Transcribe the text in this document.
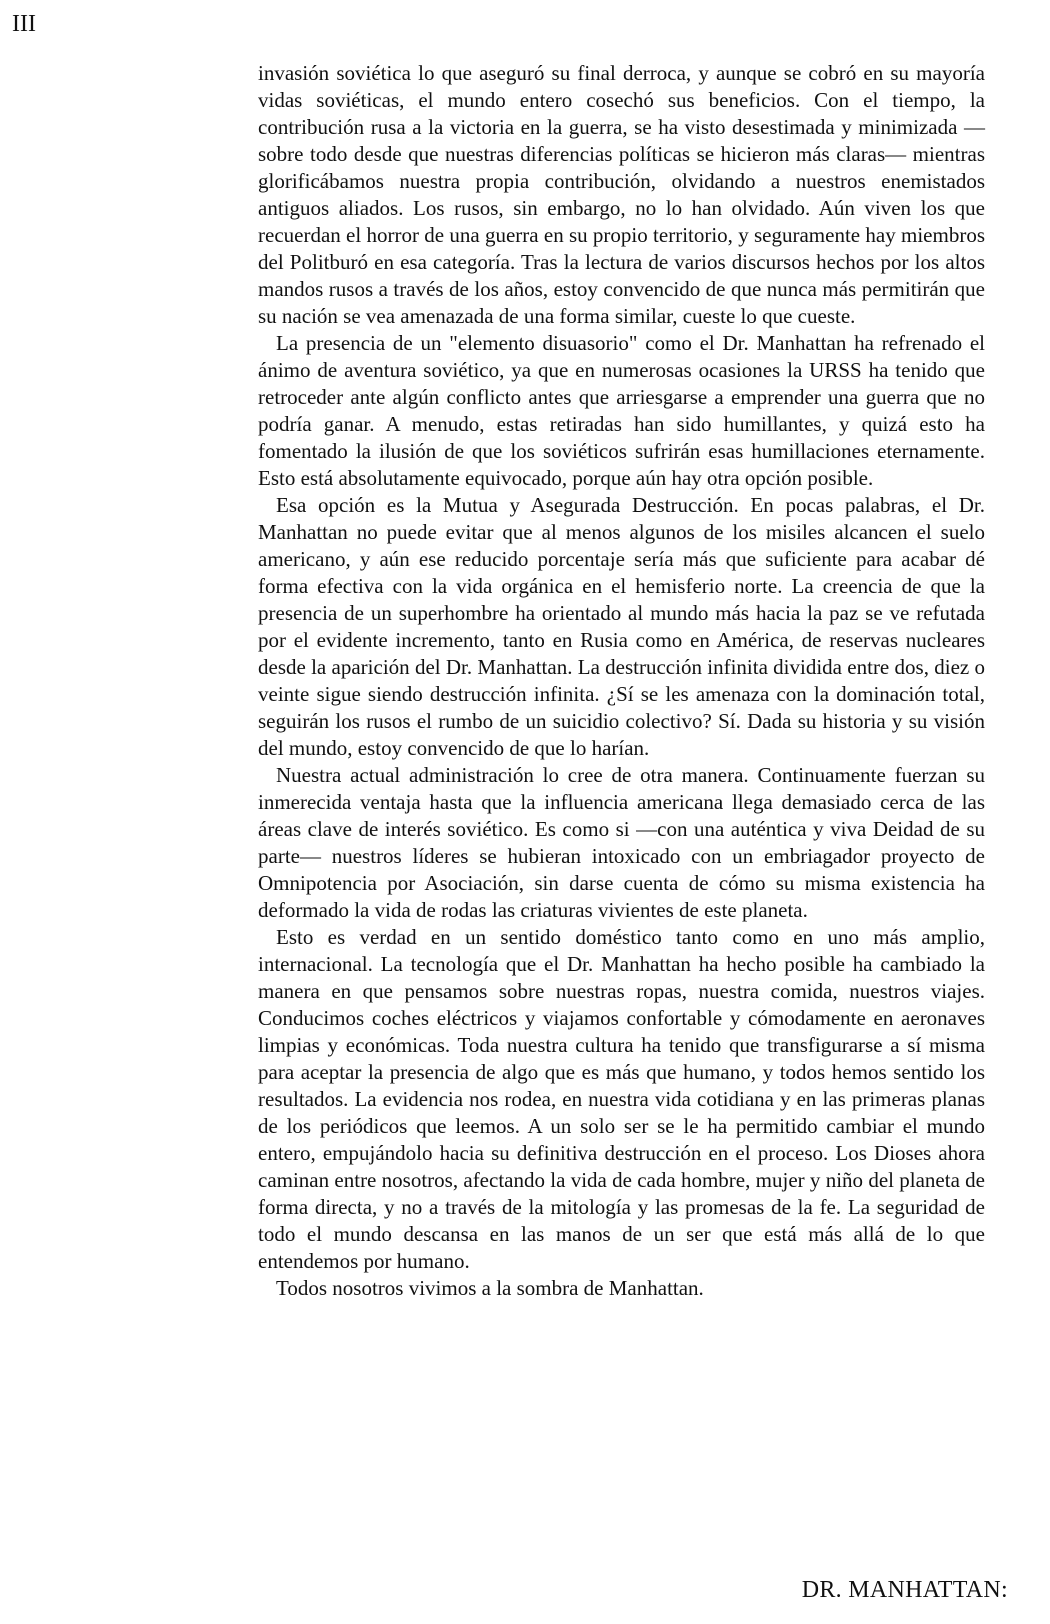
III

invasión soviética lo que aseguró su final derroca, y aunque se cobró en su mayoría vidas soviéticas, el mundo entero cosechó sus beneficios. Con el tiempo, la contribución rusa a la victoria en la guerra, se ha visto desestimada y minimizada —sobre todo desde que nuestras diferencias políticas se hicieron más claras— mientras glorificábamos nuestra propia contribución, olvidando a nuestros enemistados antiguos aliados. Los rusos, sin embargo, no lo han olvidado. Aún viven los que recuerdan el horror de una guerra en su propio territorio, y seguramente hay miembros del Politburó en esa categoría. Tras la lectura de varios discursos hechos por los altos mandos rusos a través de los años, estoy convencido de que nunca más permitirán que su nación se vea amenazada de una forma similar, cueste lo que cueste.

La presencia de un "elemento disuasorio" como el Dr. Manhattan ha refrenado el ánimo de aventura soviético, ya que en numerosas ocasiones la URSS ha tenido que retroceder ante algún conflicto antes que arriesgarse a emprender una guerra que no podría ganar. A menudo, estas retiradas han sido humillantes, y quizá esto ha fomentado la ilusión de que los soviéticos sufrirán esas humillaciones eternamente. Esto está absolutamente equivocado, porque aún hay otra opción posible.

Esa opción es la Mutua y Asegurada Destrucción. En pocas palabras, el Dr. Manhattan no puede evitar que al menos algunos de los misiles alcancen el suelo americano, y aún ese reducido porcentaje sería más que suficiente para acabar dé forma efectiva con la vida orgánica en el hemisferio norte. La creencia de que la presencia de un superhombre ha orientado al mundo más hacia la paz se ve refutada por el evidente incremento, tanto en Rusia como en América, de reservas nucleares desde la aparición del Dr. Manhattan. La destrucción infinita dividida entre dos, diez o veinte sigue siendo destrucción infinita. ¿Sí se les amenaza con la dominación total, seguirán los rusos el rumbo de un suicidio colectivo? Sí. Dada su historia y su visión del mundo, estoy convencido de que lo harían.

Nuestra actual administración lo cree de otra manera. Continuamente fuerzan su inmerecida ventaja hasta que la influencia americana llega demasiado cerca de las áreas clave de interés soviético. Es como si —con una auténtica y viva Deidad de su parte— nuestros líderes se hubieran intoxicado con un embriagador proyecto de Omnipotencia por Asociación, sin darse cuenta de cómo su misma existencia ha deformado la vida de rodas las criaturas vivientes de este planeta.

Esto es verdad en un sentido doméstico tanto como en uno más amplio, internacional. La tecnología que el Dr. Manhattan ha hecho posible ha cambiado la manera en que pensamos sobre nuestras ropas, nuestra comida, nuestros viajes. Conducimos coches eléctricos y viajamos confortable y cómodamente en aeronaves limpias y económicas. Toda nuestra cultura ha tenido que transfigurarse a sí misma para aceptar la presencia de algo que es más que humano, y todos hemos sentido los resultados. La evidencia nos rodea, en nuestra vida cotidiana y en las primeras planas de los periódicos que leemos. A un solo ser se le ha permitido cambiar el mundo entero, empujándolo hacia su definitiva destrucción en el proceso. Los Dioses ahora caminan entre nosotros, afectando la vida de cada hombre, mujer y niño del planeta de forma directa, y no a través de la mitología y las promesas de la fe. La seguridad de todo el mundo descansa en las manos de un ser que está más allá de lo que entendemos por humano.

Todos nosotros vivimos a la sombra de Manhattan.

DR. MANHATTAN:
